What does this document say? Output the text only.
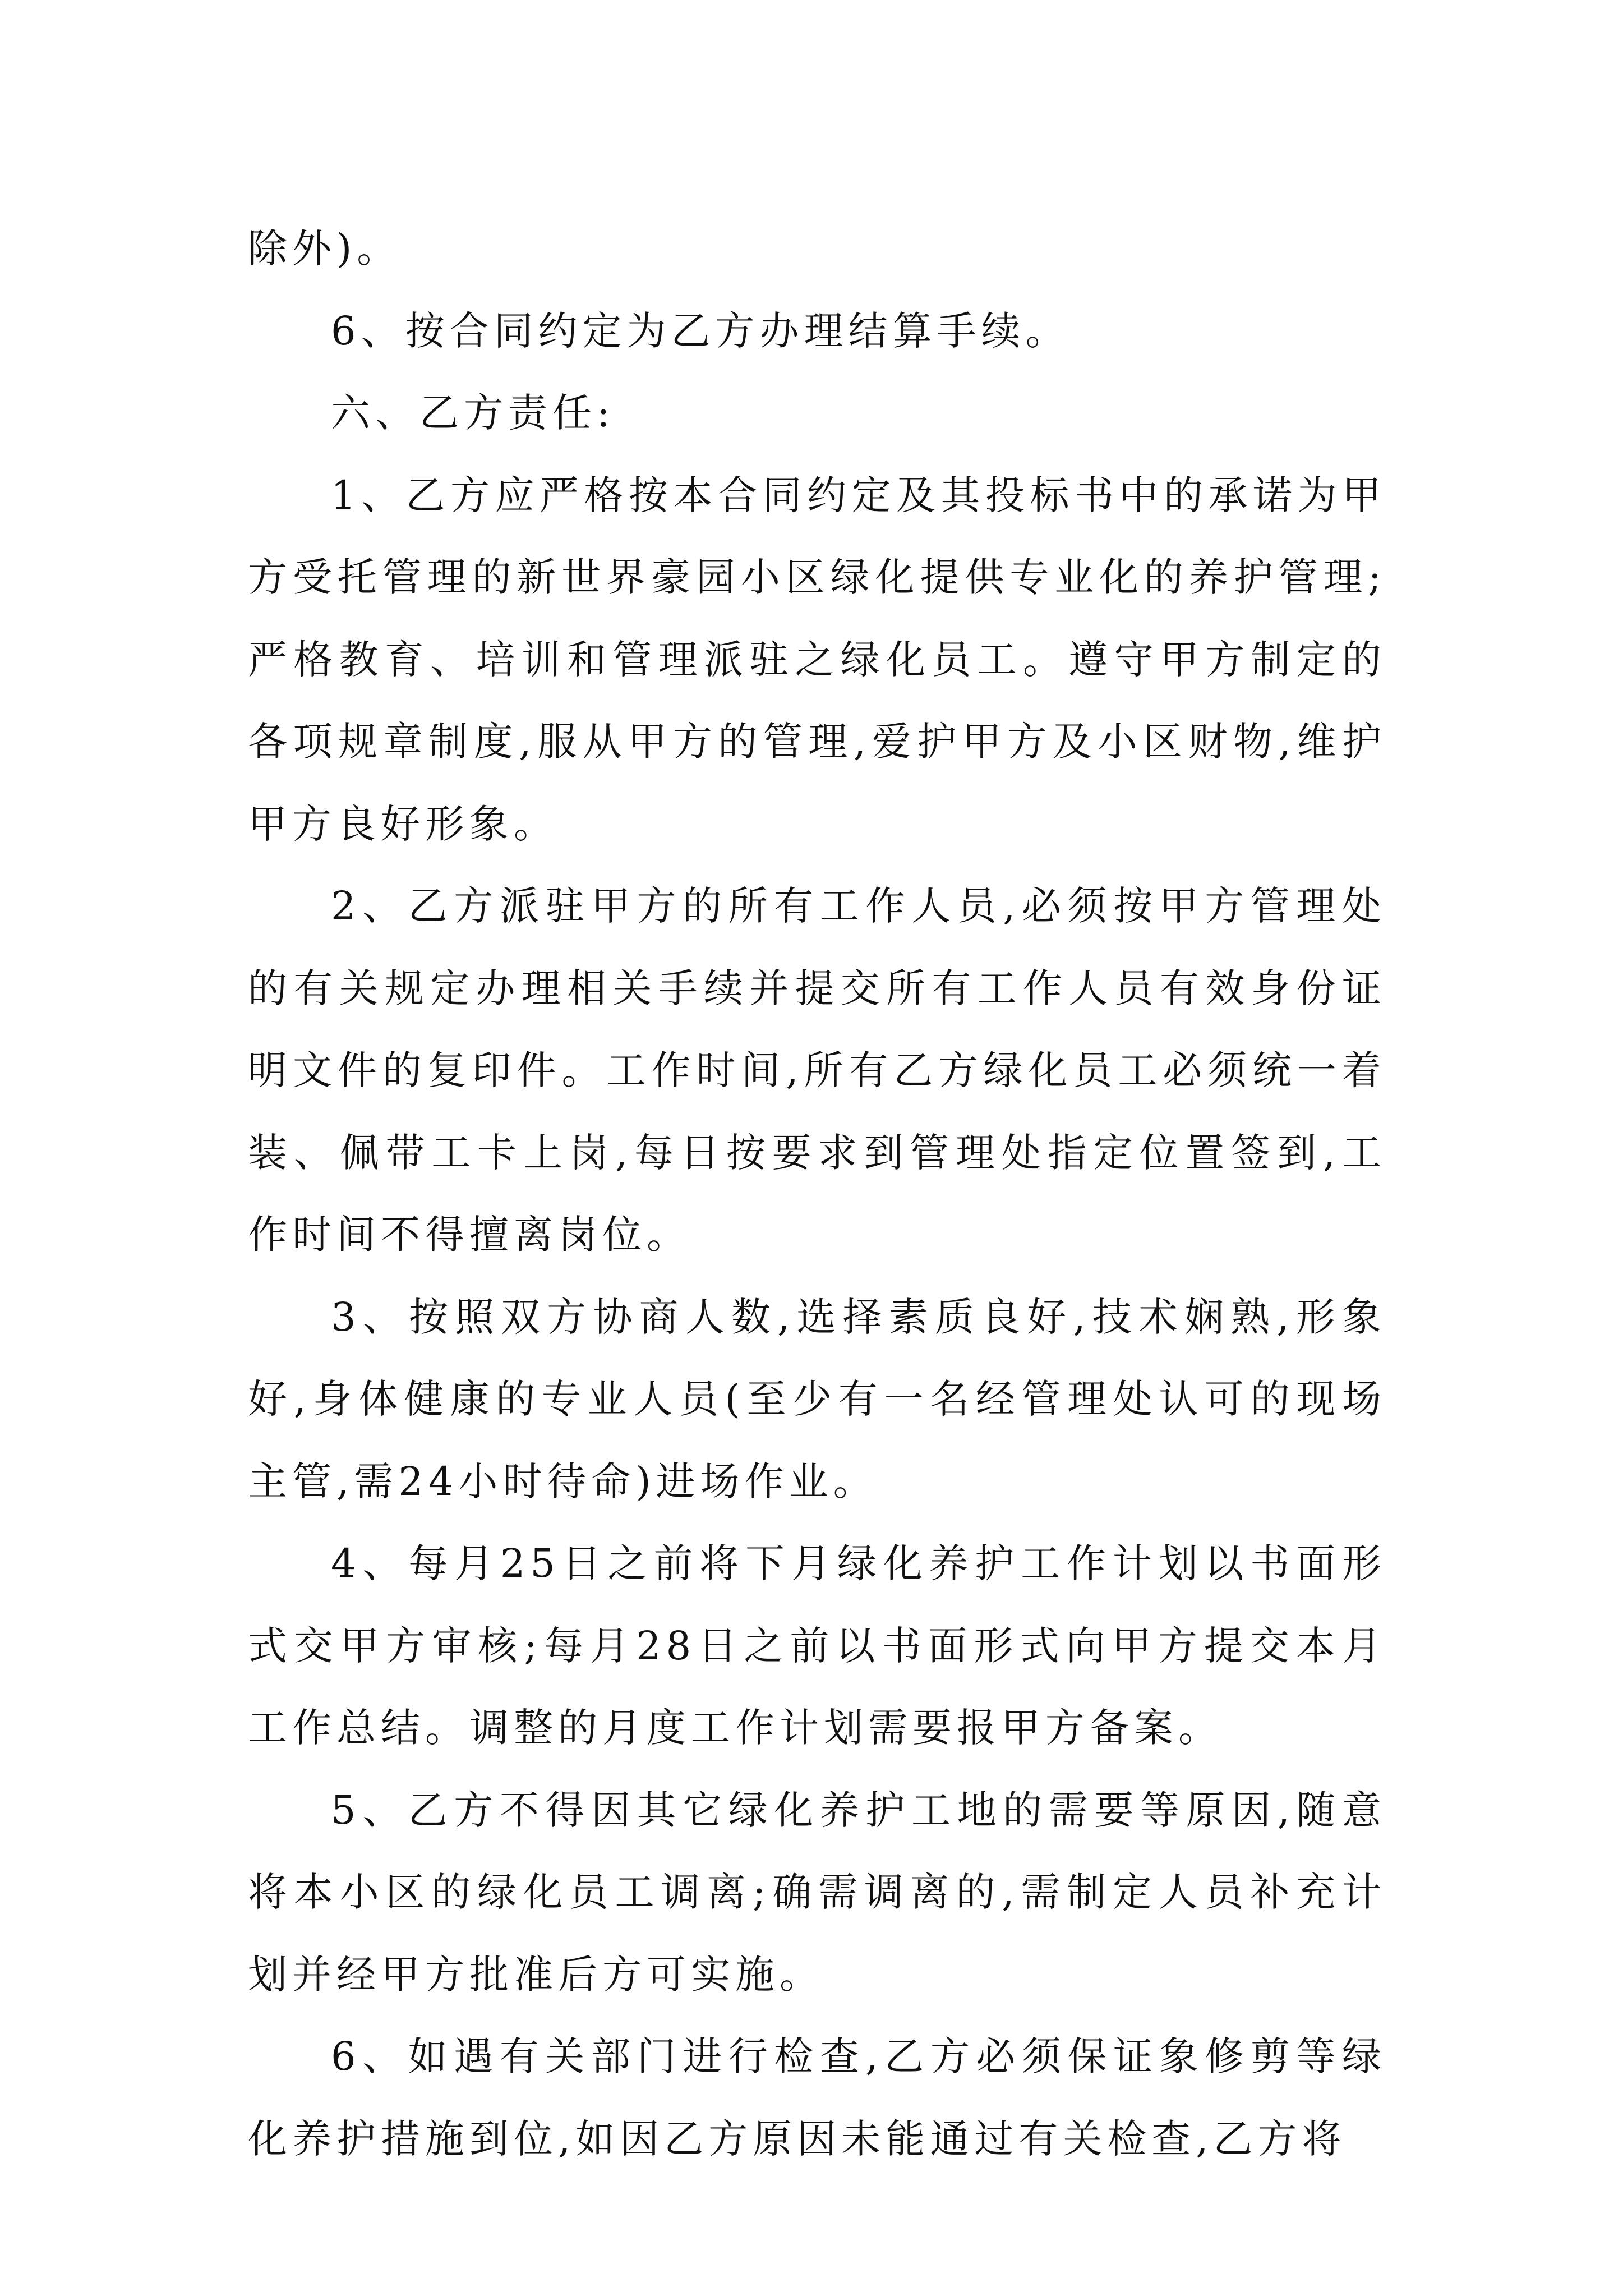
除外)。

6、按合同约定为乙方办理结算手续。

六、乙方责任:

1、乙方应严格按本合同约定及其投标书中的承诺为甲方受托管理的新世界豪园小区绿化提供专业化的养护管理;严格教育、培训和管理派驻之绿化员工。遵守甲方制定的各项规章制度,服从甲方的管理,爱护甲方及小区财物,维护甲方良好形象。

2、乙方派驻甲方的所有工作人员,必须按甲方管理处的有关规定办理相关手续并提交所有工作人员有效身份证明文件的复印件。工作时间,所有乙方绿化员工必须统一着装、佩带工卡上岗,每日按要求到管理处指定位置签到,工作时间不得擅离岗位。

3、按照双方协商人数,选择素质良好,技术娴熟,形象好,身体健康的专业人员(至少有一名经管理处认可的现场主管,需24小时待命)进场作业。

4、每月25日之前将下月绿化养护工作计划以书面形式交甲方审核;每月28日之前以书面形式向甲方提交本月工作总结。调整的月度工作计划需要报甲方备案。

5、乙方不得因其它绿化养护工地的需要等原因,随意将本小区的绿化员工调离;确需调离的,需制定人员补充计划并经甲方批准后方可实施。

6、如遇有关部门进行检查,乙方必须保证象修剪等绿化养护措施到位,如因乙方原因未能通过有关检查,乙方将
